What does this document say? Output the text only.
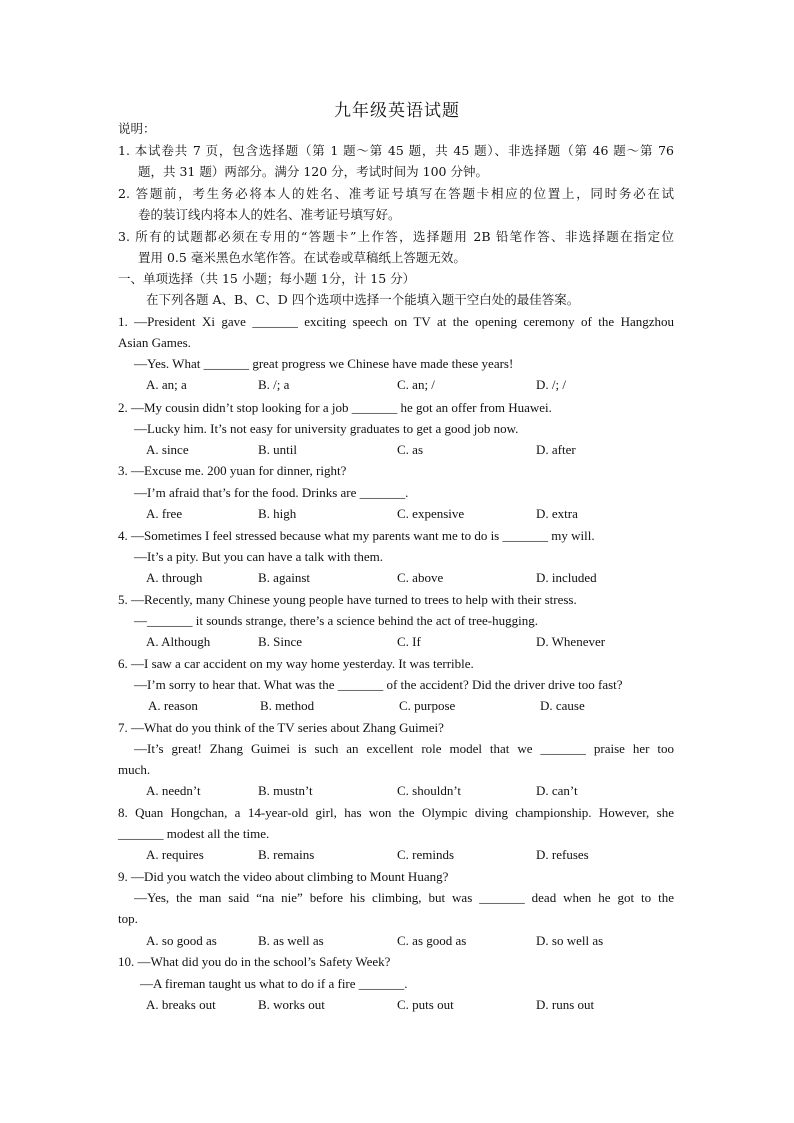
九年级英语试题
说明：
1. 本试卷共 7 页，包含选择题（第 1 题～第 45 题，共 45 题）、非选择题（第 46 题～第 76
题，共 31 题）两部分。满分 120 分，考试时间为 100 分钟。
2. 答题前，考生务必将本人的姓名、准考证号填写在答题卡相应的位置上，同时务必在试
卷的装订线内将本人的姓名、准考证号填写好。
3. 所有的试题都必须在专用的“答题卡”上作答，选择题用 2B 铅笔作答、非选择题在指定位
置用 0.5 毫米黑色水笔作答。在试卷或草稿纸上答题无效。
一、单项选择（共 15 小题；每小题 1分，计 15 分）
在下列各题 A、B、C、D 四个选项中选择一个能填入题干空白处的最佳答案。
1. —President Xi gave _______ exciting speech on TV at the opening ceremony of the Hangzhou
Asian Games.
—Yes. What _______ great progress we Chinese have made these years!
A. an; a	B. /; a	C. an; /	D. /; /
2. —My cousin didn’t stop looking for a job _______ he got an offer from Huawei.
—Lucky him. It’s not easy for university graduates to get a good job now.
A. since	B. until	C. as	D. after
3. —Excuse me. 200 yuan for dinner, right?
—I’m afraid that’s for the food. Drinks are _______.
A. free	B. high	C. expensive	D. extra
4. —Sometimes I feel stressed because what my parents want me to do is _______ my will.
—It’s a pity. But you can have a talk with them.
A. through	B. against	C. above	D. included
5. —Recently, many Chinese young people have turned to trees to help with their stress.
—_______ it sounds strange, there’s a science behind the act of tree-hugging.
A. Although	B. Since	C. If	D. Whenever
6. —I saw a car accident on my way home yesterday. It was terrible.
—I’m sorry to hear that. What was the _______ of the accident? Did the driver drive too fast?
A. reason	B. method	C. purpose	D. cause
7. —What do you think of the TV series about Zhang Guimei?
—It’s great! Zhang Guimei is such an excellent role model that we _______ praise her too
much.
A. needn’t	B. mustn’t	C. shouldn’t	D. can’t
8. Quan Hongchan, a 14-year-old girl, has won the Olympic diving championship. However, she
_______ modest all the time.
A. requires	B. remains	C. reminds	D. refuses
9. —Did you watch the video about climbing to Mount Huang?
—Yes, the man said “na nie” before his climbing, but was _______ dead when he got to the
top.
A. so good as	B. as well as	C. as good as	D. so well as
10. —What did you do in the school’s Safety Week?
—A fireman taught us what to do if a fire _______.
A. breaks out	B. works out	C. puts out	D. runs out
